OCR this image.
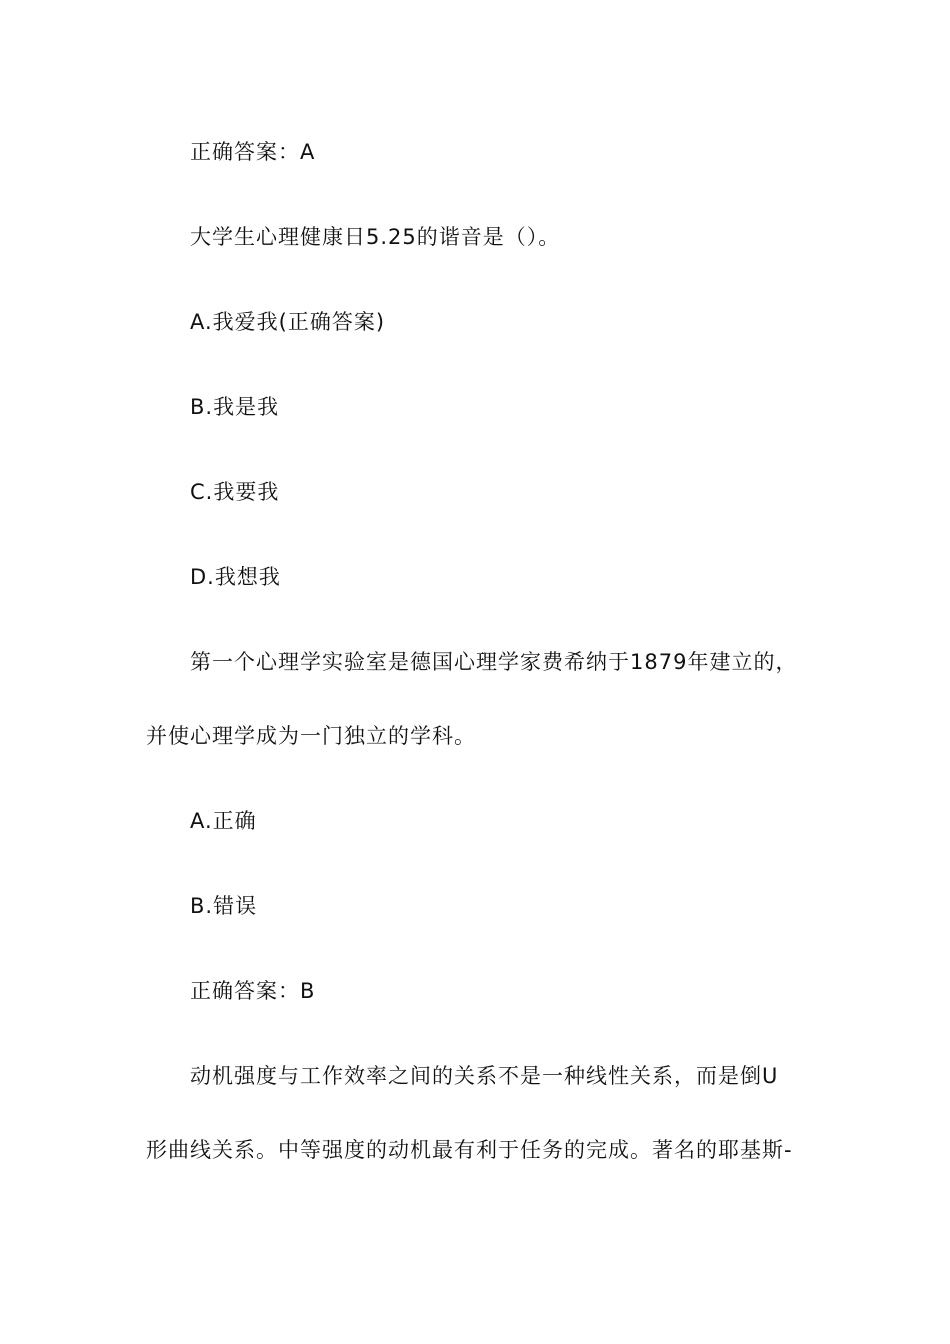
正确答案：A
大学生心理健康日5.25的谐音是（）。
A.我爱我(正确答案)
B.我是我
C.我要我
D.我想我
第一个心理学实验室是德国心理学家费希纳于1879年建立的，
并使心理学成为一门独立的学科。
A.正确
B.错误
正确答案：B
动机强度与工作效率之间的关系不是一种线性关系，而是倒U
形曲线关系。中等强度的动机最有利于任务的完成。著名的耶基斯-
